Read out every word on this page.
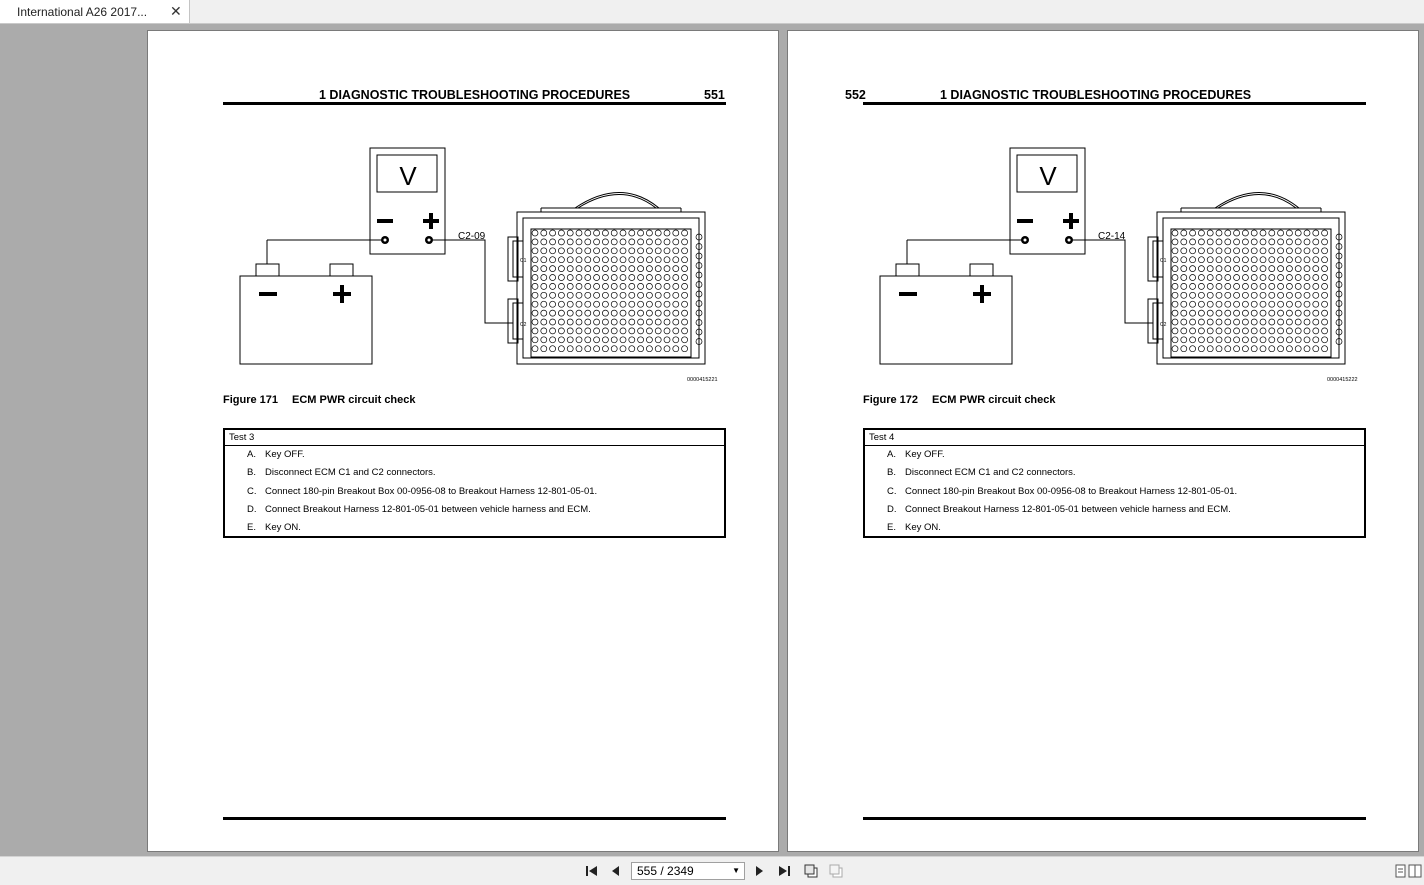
International A26 2017... ✕
1 DIAGNOSTIC TROUBLESHOOTING PROCEDURES	551
V
C2-09
C1
C2
0000415221
Figure 171 ECM PWR circuit check
Test 3
A. Key OFF.
B. Disconnect ECM C1 and C2 connectors.
C. Connect 180-pin Breakout Box 00-0956-08 to Breakout Harness 12-801-05-01.
D. Connect Breakout Harness 12-801-05-01 between vehicle harness and ECM.
E. Key ON.
552	1 DIAGNOSTIC TROUBLESHOOTING PROCEDURES
V
C2-14
C1
C2
0000415222
Figure 172 ECM PWR circuit check
Test 4
A. Key OFF.
B. Disconnect ECM C1 and C2 connectors.
C. Connect 180-pin Breakout Box 00-0956-08 to Breakout Harness 12-801-05-01.
D. Connect Breakout Harness 12-801-05-01 between vehicle harness and ECM.
E. Key ON.
555 / 2349	▼
